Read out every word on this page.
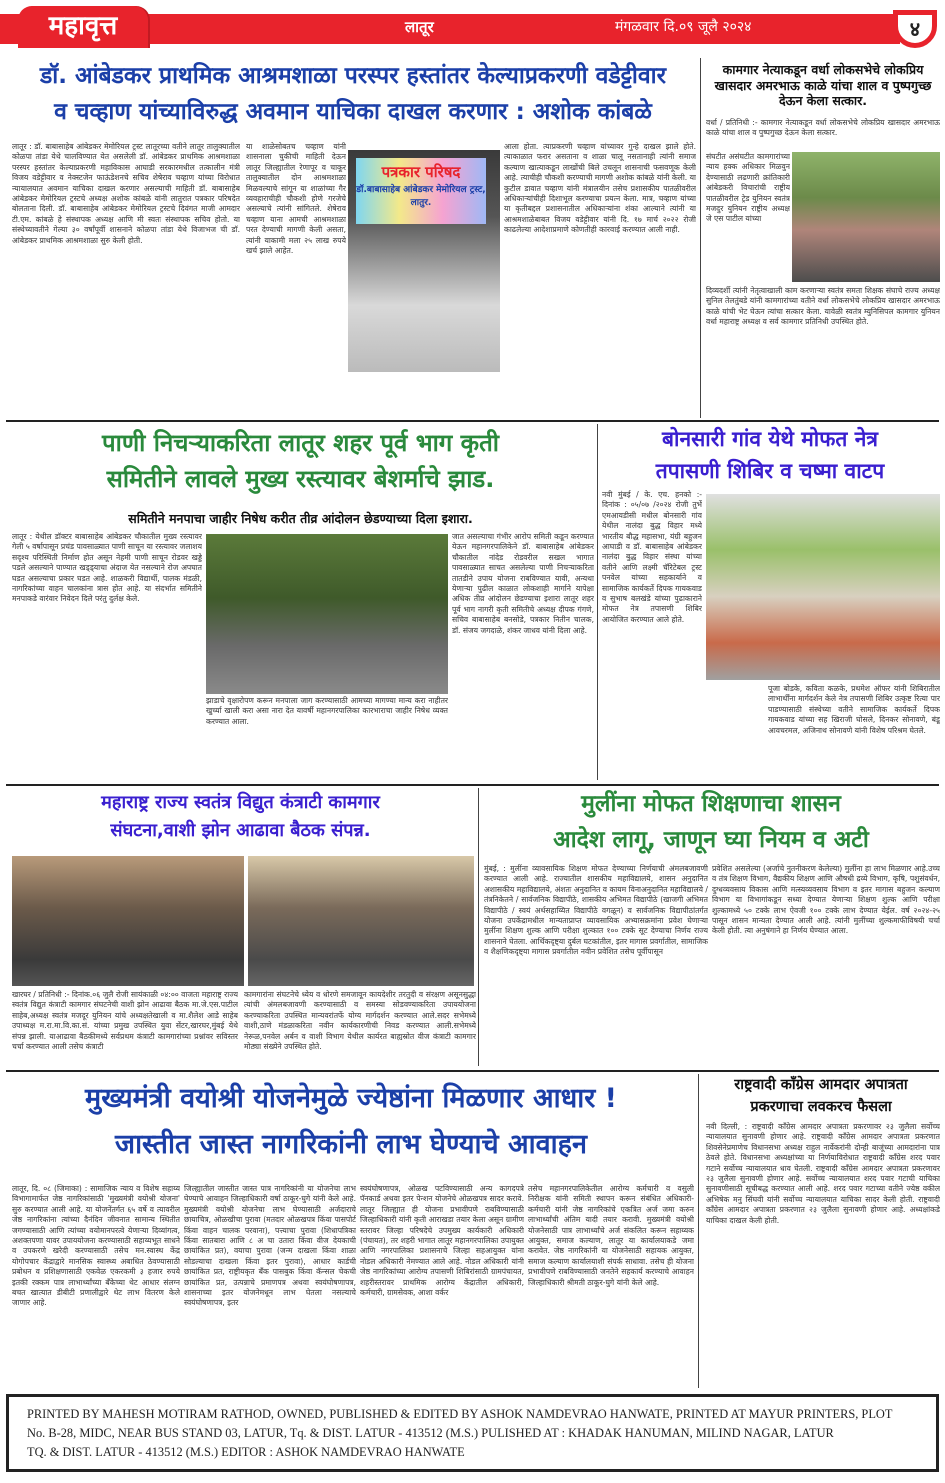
महावृत्त	लातूर	मंगळवार दि.०९ जूलै २०२४	४
डॉ. आंबेडकर प्राथमिक आश्रमशाळा परस्पर हस्तांतर केल्याप्रकरणी वडेट्टीवार
व चव्हाण यांच्याविरुद्ध अवमान याचिका दाखल करणार : अशोक कांबळे
लातूर : डॉ. बाबासाहेब आंबेडकर मेमोरियल ट्रस्ट लातूरच्या वतीने लातूर तालुक्यातील कोळपा तांडा येथे चालविण्यात येत असलेली डॉ. आंबेडकर प्राथमिक आश्रमशाळा परस्पर हस्तांतर केल्याप्रकरणी महाविकास आघाडी सरकारमधील तत्कालीन मंत्री विजय वडेट्टीवार व नेक्स्टजेन फाऊंडेशनचे सचिव शेषेराव चव्हाण यांच्या विरोधात न्यायालयात अवमान याचिका दाखल करणार असल्याची माहिती डॉ. बाबासाहेब आंबेडकर मेमोरियल ट्रस्टचे अध्यक्ष अशोक कांबळे यांनी लातुरात पत्रकार परिषदेत बोलताना दिली. डॉ. बाबासाहेब आंबेडकर मेमोरियल ट्रस्टचे दिवंगत माजी आमदार टी.एम. कांबळे हे संस्थापक अध्यक्ष आणि मी स्वतः संस्थापक सचिव होतो. या संस्थेच्यावतीने गेल्या ३० वर्षांपूर्वी शासनाने कोळपा तांडा येथे विजाभज ची डॉ. आंबेडकर प्राथमिक आश्रमशाळा सुरु केली होती.
या शाळेसोबतच चव्हाण यांनी शासनाला चुकीची माहिती देऊन लातूर जिल्ह्यातील रेणापूर व चाकूर तालुक्यातील दोन आश्रमशाळा मिळवल्याचे सांगून या शाळांच्या गैर व्यवहाराचीही चौकशी होणे गरजेचे असल्याचे त्यांनी सांगितले. शेषेराव चव्हाण याना आमची आश्रमशाळा परत देण्याची मागणी केली असता, त्यांनी याकामी मला २५ लाख रुपये खर्च झाले आहेत.
पत्रकार परिषद
डॉ.बाबासाहेब आंबेडकर मेमोरियल ट्रस्ट, लातुर.
आला होता. त्याप्रकरणी चव्हाण यांच्यावर गुन्हे दाखल झाले होते. त्याकाळात फरार असताना व शाळा चालू नसतानाही त्यांनी समाज कल्याण खात्याकडून लाखोंची बिले उचलून शासनाची फसवणूक केली आहे. त्याचीही चौकशी करण्याची मागणी अशोक कांबळे यांनी केली. या कुटील डावात चव्हाण यांनी मंत्रालयीन तसेच प्रशासकीय पातळीवरील अधिकाऱ्यांचीही दिशाभूल करण्याचा प्रयत्न केला. मात्र, चव्हाण यांच्या या कृतीबद्दल प्रशासनातील अधिकाऱ्यांना शंका आल्याने त्यांनी या आश्रमशाळेबाबत विजय वडेट्टीवार यांनी दि. १७ मार्च २०२२ रोजी काढलेल्या आदेशाप्रमाणे कोणतीही कारवाई करण्यात आली नाही.
कामगार नेत्याकडून वर्धा लोकसभेचे लोकप्रिय खासदार अमरभाऊ काळे यांचा शाल व पुष्पगुच्छ देऊन केला सत्कार.
वर्धा / प्रतिनिधी :- कामगार नेत्याकडून वर्धा लोकसभेचे लोकप्रिय खासदार अमरभाऊ काळे यांचा शाल व पुष्पगुच्छ देऊन केला सत्कार.
संघटीत असंघटीत कामगारांच्या न्याय हक्क अधिकार मिळवुन देण्यासाठी लढणारी क्रांतिकारी आंबेडकरी विचारांची राष्ट्रीय पातळीवरील ट्रेड युनियन स्वतंत्र मजदुर युनियन राष्ट्रीय अध्यक्ष जे एस पाटील यांच्या
दिव्यदर्शी त्यांनी नेतृत्वाखाली काम करणाऱ्या स्वतंत्र समता शिक्षक संघाचे राज्य अध्यक्ष सुनिल तेलतुंबडे यांनी कामगारांच्या वतीने वर्धा लोकसभेचे लोकप्रिय खासदार अमरभाऊ काळे यांची भेट घेऊन त्यांचा सत्कार केला. यावेळी स्वतंत्र म्युनिसिपल कामगार युनियन वर्धा महाराष्ट्र अध्यक्ष व सर्व कामगार प्रतिनिधी उपस्थित होते.
पाणी निचऱ्याकरिता लातूर शहर पूर्व भाग कृती
समितीने लावले मुख्य रस्त्यावर बेशर्माचे झाड.
समितीने मनपाचा जाहीर निषेध करीत तीव्र आंदोलन छेडण्याच्या दिला इशारा.
लातूर : येथील डॉक्टर बाबासाहेब आंबेडकर चौकातील मुख्य रस्त्यावर गेली ५ वर्षापासून प्रचंड पावसाळ्यात पाणी साचून या रस्त्यावर जलाशय सदृश्य परिस्थिती निर्माण होत असून नेहमी पाणी साचून रोडवर खड्डे पडले असल्याने पाण्यात खड्ड्याचा अंदाज येत नसल्याने रोज अपघात घडत असल्याचा प्रकार घडत आहे. शाळकरी विद्यार्थी, पालक मंडळी, नागरिकांच्या वाहन चालकांना त्रास होत आहे. या संदर्भात समितीने मनपाकडे वारंवार निवेदन दिले परंतु दुर्लक्ष केले.
झाडाचे वृक्षारोपण करून मनपाला जाग करण्यासाठी आमच्या मागण्या मान्य करा नाहीतर खुर्च्या खाली करा असा नारा देत यावर्षी महानगरपालिका कारभाराचा जाहीर निषेध व्यक्त करण्यात आला.
जात असल्याचा गंभीर आरोप समिती कडून करण्यात येऊन महानगरपालिकेने डॉ. बाबासाहेब आंबेडकर चौकातील नांदेड रोडवरील सखल भागात पावसाळ्यात साचत असलेल्या पाणी निचऱ्याकरिता तातडीने उपाय योजना राबविण्यात यावी, अन्यथा येणाऱ्या पुढील काळात लोकशाही मार्गाने यापेक्षा अधिक तीव्र आंदोलन छेडण्याचा इशारा लातूर शहर पूर्व भाग नागरी कृती समितीचे अध्यक्ष दीपक गंगणे, सचिव बाबासाहेब बनसोडे, पत्रकार नितीन चालक, डॉ. संजय जगदाळे, शंकर जाधव यांनी दिला आहे.
बोनसारी गांव येथे मोफत नेत्र
तपासणी शिबिर व चष्मा वाटप
नवी मुंबई / के. एच. हनको :- दिनांक : ०५/०७ /२०२४ रोजी तुर्भे एमआयडीसी मधील बोनसारी गांव येथील नालंदा बुद्ध विहार मध्ये भारतीय बौद्ध महासभा, यंग्री बहुजन आघाडी व डॉ. बाबासाहेब आंबेडकर नालंदा बुद्ध विहार संस्था यांच्या वतीने आणि लक्ष्मी चॅरिटेबल ट्रस्ट पनवेल यांच्या सहकार्याने व सामाजिक कार्यकर्ते दिपक गायकवाड व सुभाष बलखंडे यांच्या पुढाकाराने मोफत नेत्र तपासणी शिबिर आयोजित करण्यात आले होते.
पूजा बोडके, कविता कळके, प्रथमेश ऑफर यांनी शिबिरातील लाभार्थींना मार्गदर्शन केले नेत्र तपासणी शिबिर उत्कृष्ट रित्या पार पाडण्यासाठी संस्थेच्या वतीने सामाजिक कार्यकर्ते दिपक गायकवाड यांच्या सह खिराजी घोसले, दिनकर सोनावणे, बंडू आवचरमल, अजिनाथ सोनावणे यांनी विशेष परिश्रम घेतले.
महाराष्ट्र राज्य स्वतंत्र विद्युत कंत्राटी कामगार
संघटना,वाशी झोन आढावा बैठक संपन्न.
खारघर / प्रतिनिधी :- दिनांक.०६ जुलै रोजी सायंकाळी ०४:०० वाजता महाराष्ट्र राज्य स्वतंत्र विद्युत कंत्राटी कामगार संघटनेची वाशी झोन आढावा बैठक मा.जे.एस.पाटील साहेब,अध्यक्ष स्वतंत्र मजदूर युनियन यांचे अध्यक्षतेखाली व मा.शैलेश आडे साहेब उपाध्यक्ष म.रा.मा.वि.का.सं. यांच्या प्रमुख उपस्थित युवा सेंटर,खारघर,मुंबई येथे संपन्न झाली. याआढावा बैठकीमध्ये सर्वप्रथम कंत्राटी कामगारांच्या प्रश्नांवर सविस्तर चर्चा करण्यात आली तसेच कंत्राटी
कामगारांना संघटनेचे ध्येय व धोरणे समजावून कायदेशीर तरतुदी व संरक्षण असूनसुद्धा त्यांची अंमलबजावणी करण्यासाठी व समस्या सोडवण्याकरिता उपाययोजना करण्याकरिता उपस्थित मान्यवरांतर्फे योग्य मार्गदर्शन करण्यात आले.सदर सभेमध्ये वाशी,ठाणे मंडळाकरिता नवीन कार्यकारणीची निवड करण्यात आली.सभेमध्ये नेरूळ,पनवेल अर्बन व वाशी विभाग येथील कार्यरत बाह्यस्रोत वीज कंत्राटी कामगार मोठ्या संख्येने उपस्थित होते.
मुलींना मोफत शिक्षणाचा शासन
आदेश लागू, जाणून घ्या नियम व अटी
मुंबई, : मुलींना व्यावसायिक शिक्षण मोफत देण्याच्या निर्णयाची अंमलबजावणी करण्यात आली आहे. राज्यातील शासकीय महाविद्यालये, शासन अनुदानित अशासकीय महाविद्यालये, अंशतः अनुदानित व कायम विनाअनुदानित महाविद्यालये / तंत्रनिकेतने / सार्वजनिक विद्यापीठे, शासकीय अभिमत विद्यापीठे (खाजगी अभिमत विद्यापीठे / स्वयं अर्थसहाय्यित विद्यापीठे वगळून) व सार्वजनिक विद्यापीठांतर्गत योजना उपकेंद्रामधील मान्यताप्राप्त व्यावसायिक अभ्यासक्रमांना प्रवेश घेणाऱ्या मुलींना शिक्षण शुल्क आणि परीक्षा शुल्कात १०० टक्के सूट देण्याचा निर्णय राज्य शासनाने घेतला. आर्थिकदृष्ट्या दुर्बल घटकांतील, इतर मागास प्रवर्गातील, सामाजिक व शैक्षणिकदृष्ट्या मागास प्रवर्गातील नवीन प्रवेशित तसेच पूर्वीपासून
प्रवेशित असलेल्या (अर्जाचे नुतनीकरण केलेल्या) मुलींना हा लाभ मिळणार आहे.उच्च व तंत्र शिक्षण विभाग, वैद्यकीय शिक्षण आणि औषधी द्रव्ये विभाग, कृषि, पशुसंवर्धन, दुग्धव्यवसाय विकास आणि मत्स्यव्यवसाय विभाग व इतर मागास बहुजन कल्याण विभाग या विभागांकडून सध्या देण्यात येणाऱ्या शिक्षण शुल्क आणि परीक्षा शुल्कामध्ये ५० टक्के लाभ ऐवजी १०० टक्के लाभ देण्यात येईल. वर्ष २०२४-२५ पासून शासन मान्यता देण्यात आली आहे. त्यांनी मुलींच्या शुल्कमाफीविषयी चर्चा केली होती. त्या अनुषंगाने हा निर्णय घेण्यात आला.
मुख्यमंत्री वयोश्री योजनेमुळे ज्येष्ठांना मिळणार आधार !
जास्तीत जास्त नागरिकांनी लाभ घेण्याचे आवाहन
लातूर, दि. ०८ (जिमाका) : सामाजिक न्याय व विशेष सहाय्य विभागामार्फत जेष्ठ नागरिकांसाठी 'मुख्यमंत्री वयोश्री योजना' सुरु करण्यात आली आहे. या योजनेंतर्गत ६५ वर्षे व त्यावरील जेष्ठ नागरिकांना त्यांच्या दैनंदिन जीवनात सामान्य स्थितीत जगण्यासाठी आणि त्यांच्या वयोमानपरत्वे येणाऱ्या दिव्यांगत्व, अशक्तपणा यावर उपाययोजना करण्यासाठी सहाय्यभूत साधने व उपकरणे खरेदी करण्यासाठी तसेच मन.स्वास्थ केंद्र योगोपचार केंद्राद्वारे मानसिक स्वास्थ्य अबाधित ठेवण्यासाठी प्रबोधन व प्रशिक्षणासाठी एकवेळ एकरकमी ३ हजार रुपये इतकी रक्कम पात्र लाभार्थ्यांच्या बँकेच्या थेट आधार संलग्न बचत खात्यात डीबीटी प्रणालीद्वारे थेट लाभ वितरण केले जाणार आहे.
जिल्ह्यातील जास्तीत जास्त पात्र नागरिकांनी या योजनेचा लाभ घेण्याचे आवाहन जिल्हाधिकारी वर्षा ठाकूर-घुगे यांनी केले आहे. मुख्यमंत्री वयोश्री योजनेचा लाभ घेण्यासाठी अर्जदाराचे छायाचित्र, ओळखीचा पुरावा (मतदार ओळखपत्र किंवा पासपोर्ट किंवा वाहन चालक परवाना), पत्त्याचा पुरावा (शिधापत्रिका किंवा सातबारा आणि ८ अ चा उतारा किंवा वीज देयकाची छायांकित प्रत), वयाचा पुरावा (जन्म दाखला किंवा शाळा सोडल्याचा दाखला किंवा इतर पुरावा), आधार कार्डची छायांकित प्रत, राष्ट्रीयकृत बँक पासबुक किंवा कॅन्सल चेकची छायांकित प्रत, उत्पन्नाचे प्रमाणपत्र अथवा स्वयंघोषणापत्र, शासनाच्या इतर योजनेमधून लाभ घेतला नसल्याचे स्वयंघोषणापत्र, इतर
स्वयंघोषणापत्र, ओळख पटविण्यासाठी अन्य कागदपत्रे पॅनकार्ड अथवा इतर पेन्शन योजनेचे ओळखपत्र सादर करावे. लातूर जिल्ह्यात ही योजना प्रभावीपणे राबविण्यासाठी जिल्हाधिकारी यांनी कृती आराखडा तयार केला असून ग्रामीण स्तरावर जिल्हा परिषदेचे उपमुख्य कार्यकारी अधिकारी (पंचायत), तर शहरी भागात लातूर महानगरपालिका उपायुक्त आणि नगरपालिका प्रशासनाचे जिल्हा सहआयुक्त यांना नोडल अधिकारी नेमण्यात आले आहे. नोडल अधिकारी यांनी जेष्ठ नागरिकांच्या आरोग्य तपासणी शिबिरांसाठी ग्रामपंचायत, शहरीस्तरावर प्राथमिक आरोग्य केंद्रातील अधिकारी, कर्मचारी, ग्रामसेवक, आशा वर्कर
तसेच महानगरपालिकेतील आरोग्य कर्मचारी व वसुली निरीक्षक यांनी समिती स्थापन करून संबंधित अधिकारी-कर्मचारी यांनी जेष्ठ नागरिकांचे एकत्रित अर्ज जमा करुन लाभार्थ्यांची अंतिम यादी तयार करावी. मुख्यमंत्री वयोश्री योजनेसाठी पात्र लाभार्थ्यांचे अर्ज संकलित करून सहाय्यक आयुक्त, समाज कल्याण, लातूर या कार्यालयाकडे जमा करावेत. जेष्ठ नागरिकांनी या योजनेसाठी सहायक आयुक्त, समाज कल्याण कार्यालयाशी संपर्क साधावा. तसेच ही योजना प्रभावीपणे राबविण्यासाठी जनतेने सहकार्य करण्याचे आवाहन जिल्हाधिकारी श्रीमती ठाकूर-घुगे यांनी केले आहे.
राष्ट्रवादी कॉंग्रेस आमदार अपात्रता
प्रकरणाचा लवकरच फैसला
नवी दिल्ली, : राष्ट्रवादी कॉंग्रेस आमदार अपात्रता प्रकरणावर २३ जुलैला सर्वोच्च न्यायालयात सुनावणी होणार आहे. राष्ट्रवादी कॉंग्रेस आमदार अपात्रता प्रकरणात शिवसेनेप्रमाणेच विधानसभा अध्यक्ष राहुल नार्वेकरांनी दोन्ही बाजूंच्या आमदारांना पात्र ठेवले होते. विधानसभा अध्यक्षांच्या या निर्णयाविरोधात राष्ट्रवादी कॉंग्रेस शरद पवार गटाने सर्वोच्च न्यायालयात धाव घेतली. राष्ट्रवादी कॉंग्रेस आमदार अपात्रता प्रकरणावर २३ जुलैला सुनावणी होणार आहे. सर्वोच्च न्यायालयात शरद पवार गटाची याचिका सुनावणीसाठी सूचीबद्ध करण्यात आली आहे. शरद पवार गटाच्या वतीने ज्येष्ठ वकील अभिषेक मनु सिंघवी यांनी सर्वोच्च न्यायालयात याचिका सादर केली होती. राष्ट्रवादी कॉंग्रेस आमदार अपात्रता प्रकरणात २३ जुलैला सुनावणी होणार आहे. अध्यक्षांकडे याचिका दाखल केली होती.
PRINTED BY MAHESH MOTIRAM RATHOD, OWNED, PUBLISHED & EDITED BY ASHOK NAMDEVRAO HANWATE, PRINTED AT MAYUR PRINTERS, PLOT
No. B-28, MIDC, NEAR BUS STAND 03, LATUR, Tq. & DIST. LATUR - 413512 (M.S.) PULISHED AT : KHADAK HANUMAN, MILIND NAGAR, LATUR
TQ. & DIST. LATUR - 413512 (M.S.) EDITOR : ASHOK NAMDEVRAO HANWATE
